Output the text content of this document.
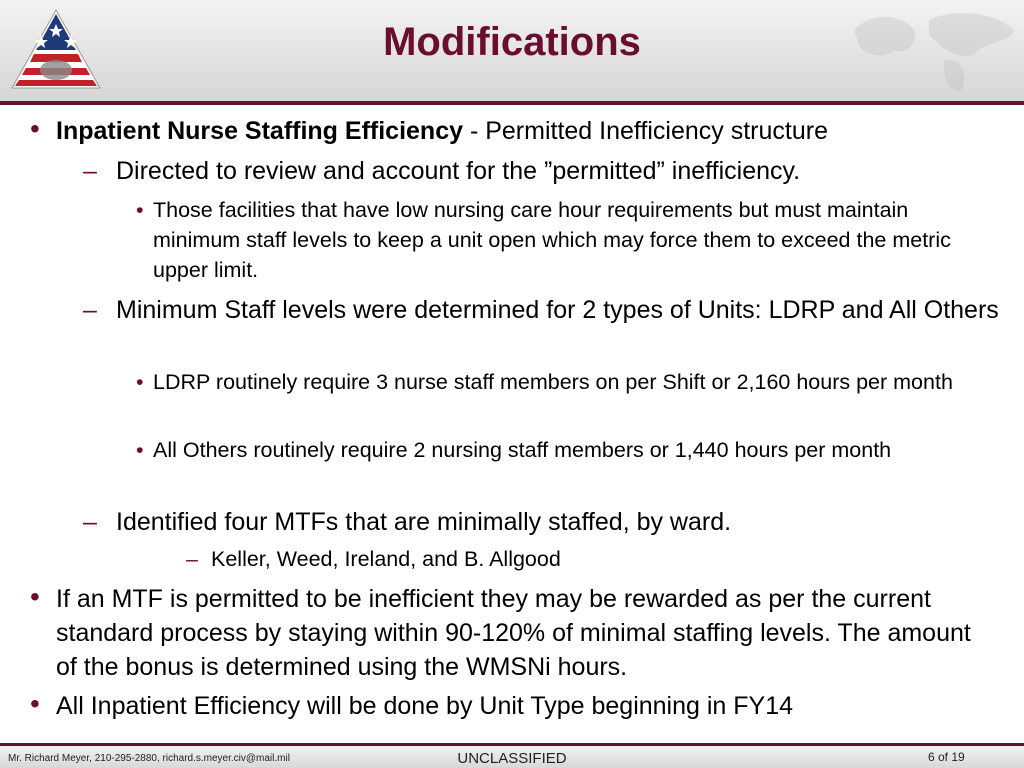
Modifications
• Inpatient Nurse Staffing Efficiency - Permitted Inefficiency structure
– Directed to review and account for the ”permitted” inefficiency.
• Those facilities that have low nursing care hour requirements but must maintain minimum staff levels to keep a unit open which may force them to exceed the metric upper limit.
– Minimum Staff levels were determined for 2 types of Units: LDRP and All Others
• LDRP routinely require 3 nurse staff members on per Shift or 2,160 hours per month
• All Others routinely require 2 nursing staff members or 1,440 hours per month
– Identified four MTFs that are minimally staffed, by ward.
– Keller, Weed, Ireland, and B. Allgood
• If an MTF is permitted to be inefficient they may be rewarded as per the current standard process by staying within 90-120% of minimal staffing levels. The amount of the bonus is determined using the WMSNi hours.
• All Inpatient Efficiency will be done by Unit Type beginning in FY14
Mr. Richard Meyer, 210-295-2880, richard.s.meyer.civ@mail.mil	UNCLASSIFIED	6 of 19
